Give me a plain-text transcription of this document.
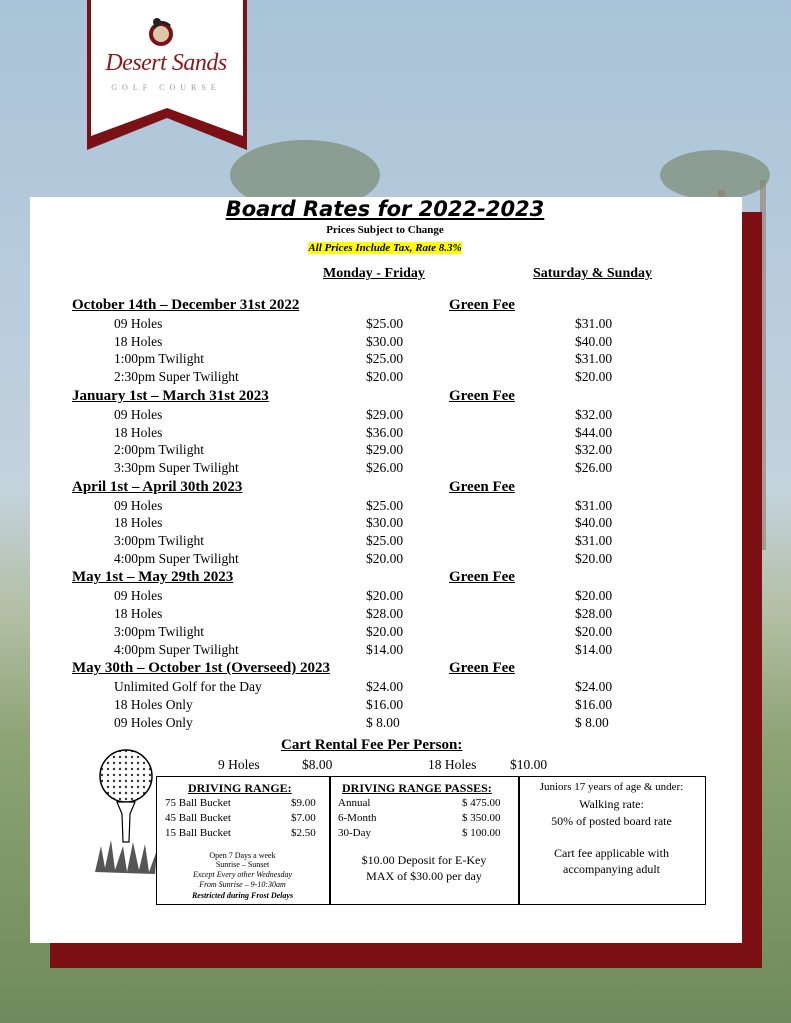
Desert Sands
GOLF COURSE
Board Rates for 2022-2023
Prices Subject to Change
All Prices Include Tax, Rate 8.3%
Monday - Friday	Saturday & Sunday
October 14th – December 31st 2022	Green Fee
09 Holes	$25.00	$31.00
18 Holes	$30.00	$40.00
1:00pm Twilight	$25.00	$31.00
2:30pm Super Twilight	$20.00	$20.00
January 1st – March 31st 2023	Green Fee
09 Holes	$29.00	$32.00
18 Holes	$36.00	$44.00
2:00pm Twilight	$29.00	$32.00
3:30pm Super Twilight	$26.00	$26.00
April 1st – April 30th 2023	Green Fee
09 Holes	$25.00	$31.00
18 Holes	$30.00	$40.00
3:00pm Twilight	$25.00	$31.00
4:00pm Super Twilight	$20.00	$20.00
May 1st – May 29th 2023	Green Fee
09 Holes	$20.00	$20.00
18 Holes	$28.00	$28.00
3:00pm Twilight	$20.00	$20.00
4:00pm Super Twilight	$14.00	$14.00
May 30th – October 1st (Overseed) 2023	Green Fee
Unlimited Golf for the Day	$24.00	$24.00
18 Holes Only	$16.00	$16.00
09 Holes Only	$ 8.00	$ 8.00
Cart Rental Fee Per Person:
9 Holes	$8.00	18 Holes $10.00
DRIVING RANGE:
75 Ball Bucket	$9.00
45 Ball Bucket	$7.00
15 Ball Bucket	$2.50
Open 7 Days a week
Sunrise – Sunset
Except Every other Wednesday
From Sunrise – 9-10:30am
Restricted during Frost Delays
DRIVING RANGE PASSES:
Annual	$ 475.00
6-Month	$ 350.00
30-Day	$ 100.00
$10.00 Deposit for E-Key
MAX of $30.00 per day
Juniors 17 years of age & under:
Walking rate:
50% of posted board rate
Cart fee applicable with
accompanying adult
